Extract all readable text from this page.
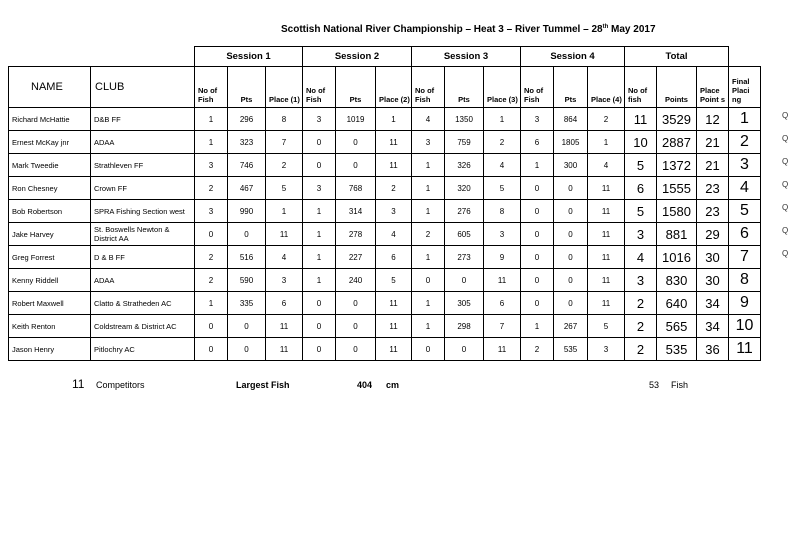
Scottish National River Championship – Heat 3 – River Tummel – 28th May 2017
		Session 1			Session 2			Session 3			Session 4			Total			
NAME	CLUB	No of Fish	Pts	Place (1)	No of Fish	Pts	Place (2)	No of Fish	Pts	Place (3)	No of Fish	Pts	Place (4)	No of fish	Points	Place Point s	Final Placi ng
Richard McHattie	D&B FF	1	296	8	3	1019	1	4	1350	1	3	864	2	11	3529	12	1
Ernest McKay jnr	ADAA	1	323	7	0	0	11	3	759	2	6	1805	1	10	2887	21	2
Mark Tweedie	Strathleven FF	3	746	2	0	0	11	1	326	4	1	300	4	5	1372	21	3
Ron Chesney	Crown FF	2	467	5	3	768	2	1	320	5	0	0	11	6	1555	23	4
Bob Robertson	SPRA Fishing Section west	3	990	1	1	314	3	1	276	8	0	0	11	5	1580	23	5
Jake Harvey	St. Boswells Newton & District AA	0	0	11	1	278	4	2	605	3	0	0	11	3	881	29	6
Greg Forrest	D & B FF	2	516	4	1	227	6	1	273	9	0	0	11	4	1016	30	7
Kenny Riddell	ADAA	2	590	3	1	240	5	0	0	11	0	0	11	3	830	30	8
Robert Maxwell	Clatto & Stratheden AC	1	335	6	0	0	11	1	305	6	0	0	11	2	640	34	9
Keith Renton	Coldstream & District AC	0	0	11	0	0	11	1	298	7	1	267	5	2	565	34	10
Jason Henry	Pitlochry AC	0	0	11	0	0	11	0	0	11	2	535	3	2	535	36	11
Q
Q
Q
Q
Q
Q
Q
11 Competitors	Largest Fish	404 cm	53 Fish
